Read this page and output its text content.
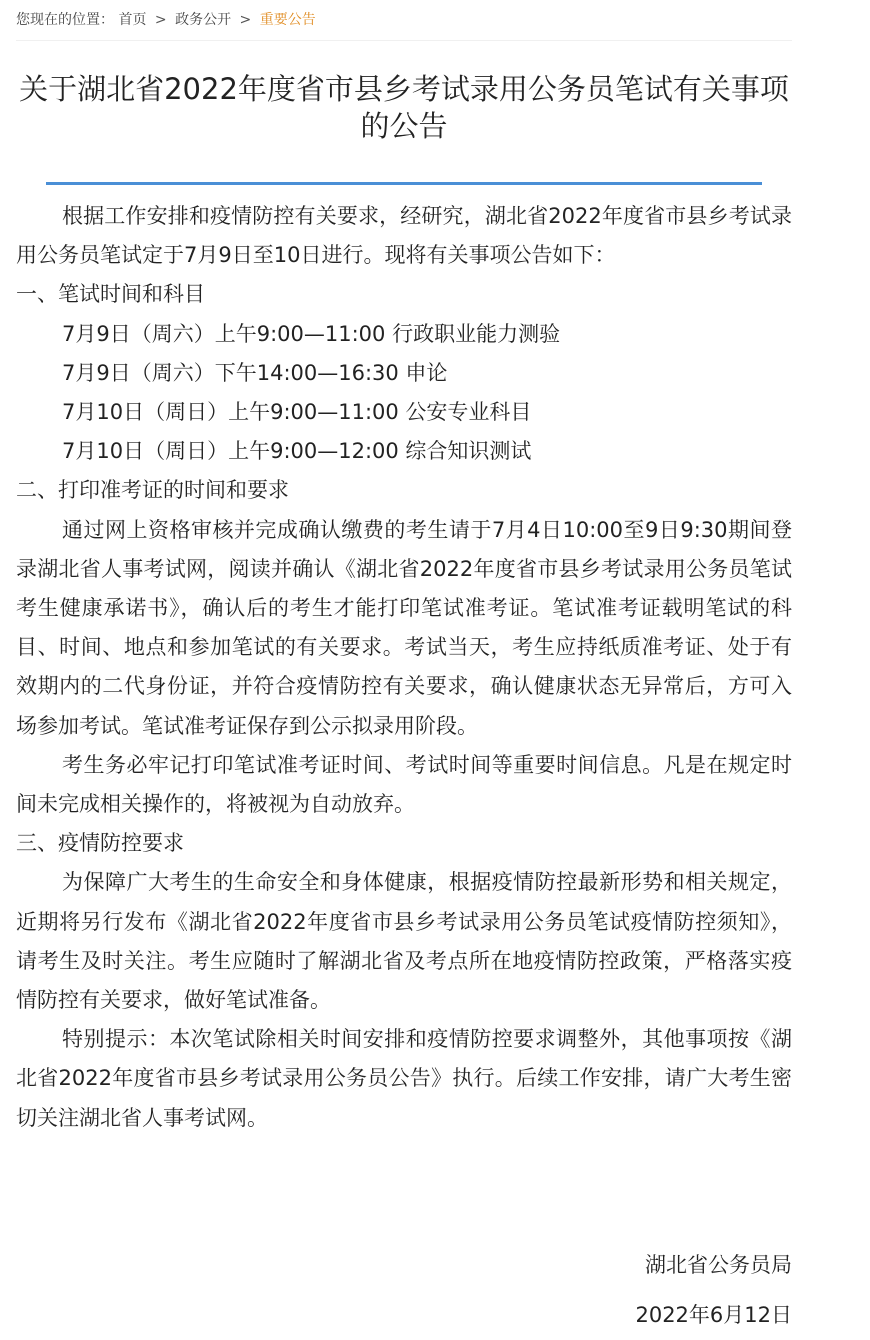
您现在的位置： 首页 > 政务公开 > 重要公告
关于湖北省2022年度省市县乡考试录用公务员笔试有关事项的公告

根据工作安排和疫情防控有关要求，经研究，湖北省2022年度省市县乡考试录用公务员笔试定于7月9日至10日进行。现将有关事项公告如下：

一、笔试时间和科目

7月9日（周六）上午9:00—11:00 行政职业能力测验

7月9日（周六）下午14:00—16:30 申论

7月10日（周日）上午9:00—11:00 公安专业科目

7月10日（周日）上午9:00—12:00 综合知识测试

二、打印准考证的时间和要求

通过网上资格审核并完成确认缴费的考生请于7月4日10:00至9日9:30期间登录湖北省人事考试网，阅读并确认《湖北省2022年度省市县乡考试录用公务员笔试考生健康承诺书》，确认后的考生才能打印笔试准考证。笔试准考证载明笔试的科目、时间、地点和参加笔试的有关要求。考试当天，考生应持纸质准考证、处于有效期内的二代身份证，并符合疫情防控有关要求，确认健康状态无异常后，方可入场参加考试。笔试准考证保存到公示拟录用阶段。

考生务必牢记打印笔试准考证时间、考试时间等重要时间信息。凡是在规定时间未完成相关操作的，将被视为自动放弃。

三、疫情防控要求

为保障广大考生的生命安全和身体健康，根据疫情防控最新形势和相关规定，近期将另行发布《湖北省2022年度省市县乡考试录用公务员笔试疫情防控须知》，请考生及时关注。考生应随时了解湖北省及考点所在地疫情防控政策，严格落实疫情防控有关要求，做好笔试准备。

特别提示：本次笔试除相关时间安排和疫情防控要求调整外，其他事项按《湖北省2022年度省市县乡考试录用公务员公告》执行。后续工作安排，请广大考生密切关注湖北省人事考试网。

湖北省公务员局
2022年6月12日
